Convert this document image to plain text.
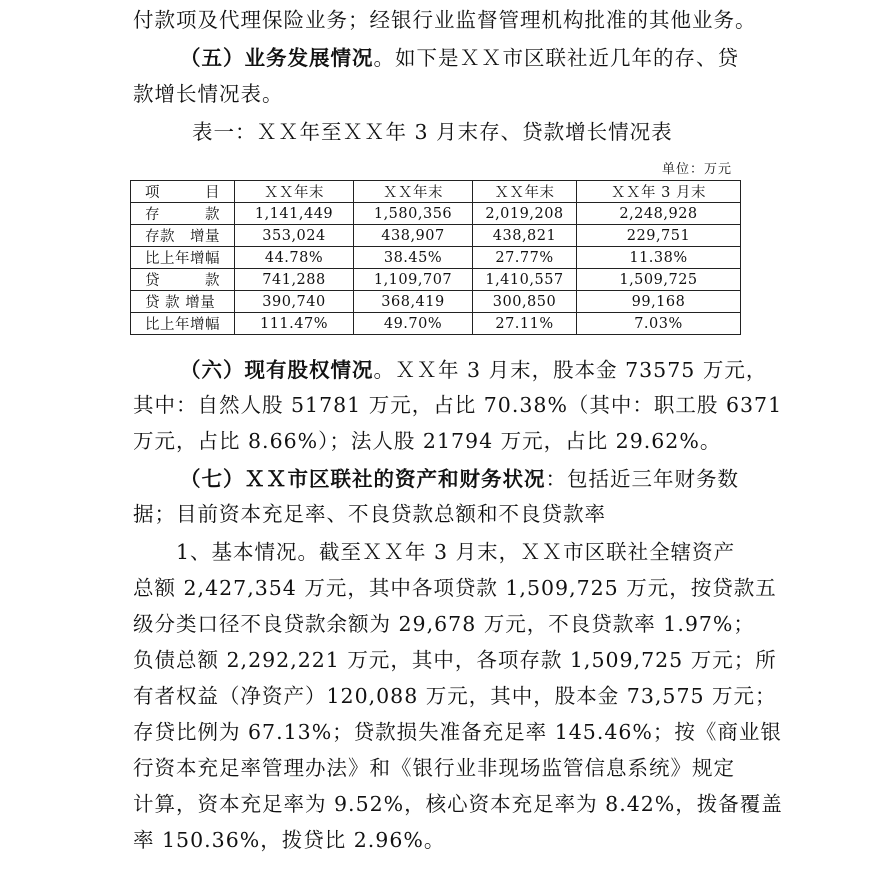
付款项及代理保险业务；经银行业监督管理机构批准的其他业务。
（五）业务发展情况。如下是ＸＸ市区联社近几年的存、贷
款增长情况表。
表一：ＸＸ年至ＸＸ年 3 月末存、贷款增长情况表
单位：万元
项　　　目	ＸＸ年末	ＸＸ年末	ＸＸ年末	ＸＸ年 3 月末
存　　　款	1,141,449	1,580,356	2,019,208	2,248,928
存款　增量	353,024	438,907	438,821	229,751
比上年增幅	44.78%	38.45%	27.77%	11.38%
贷　　　款	741,288	1,109,707	1,410,557	1,509,725
贷 款 增量	390,740	368,419	300,850	99,168
比上年增幅	111.47%	49.70%	27.11%	7.03%
（六）现有股权情况。ＸＸ年 3 月末，股本金 73575 万元，
其中：自然人股 51781 万元，占比 70.38%（其中：职工股 6371
万元，占比 8.66%）；法人股 21794 万元，占比 29.62%。
（七）ＸＸ市区联社的资产和财务状况：包括近三年财务数
据；目前资本充足率、不良贷款总额和不良贷款率
1、基本情况。截至ＸＸ年 3 月末，ＸＸ市区联社全辖资产
总额 2,427,354 万元，其中各项贷款 1,509,725 万元，按贷款五
级分类口径不良贷款余额为 29,678 万元，不良贷款率 1.97%；
负债总额 2,292,221 万元，其中，各项存款 1,509,725 万元；所
有者权益（净资产）120,088 万元，其中，股本金 73,575 万元；
存贷比例为 67.13%；贷款损失准备充足率 145.46%；按《商业银
行资本充足率管理办法》和《银行业非现场监管信息系统》规定
计算，资本充足率为 9.52%，核心资本充足率为 8.42%，拨备覆盖
率 150.36%，拨贷比 2.96%。
